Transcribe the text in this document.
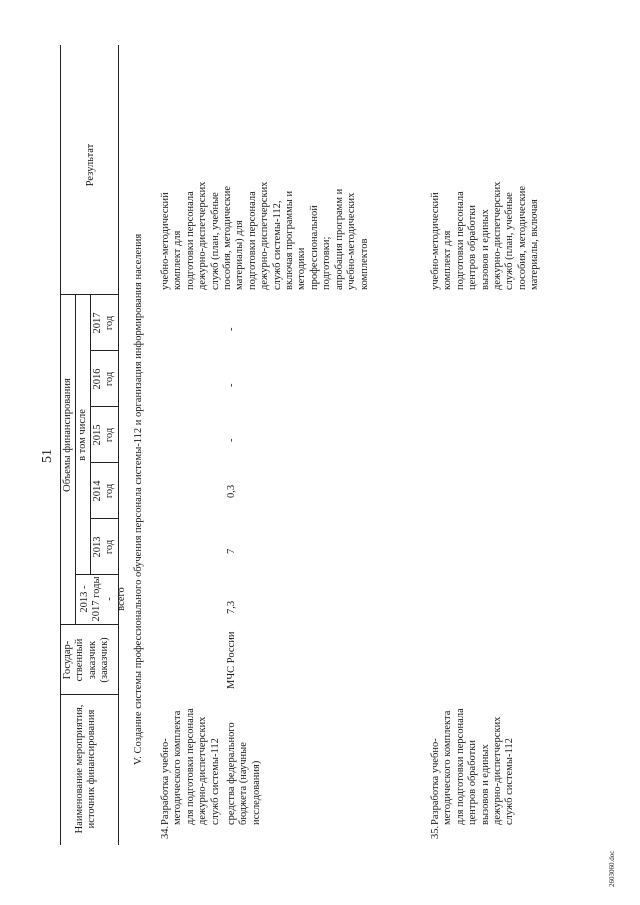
51
Наименование мероприятия,
источник финансирования
Государ-
ственный
заказчик
(заказчик)
Объемы финансирования
2013 -
2017 годы -
всего
в том числе
2013
год
2014
год
2015
год
2016
год
2017
год
Результат
V. Создание системы профессионального обучения персонала системы-112 и организация информирования населения
34.
Разработка учебно-
методического комплекта
для подготовки персонала
дежурно-диспетчерских
служб системы-112
учебно-методический
комплект для
подготовки персонала
дежурно-диспетчерских
служб (план, учебные
пособия, методические
материалы) для
подготовки персонала
дежурно-диспетчерских
служб системы-112,
включая программы и
методики
профессиональной
подготовки;
апробация программ и
учебно-методических
комплектов
средства федерального
бюджета (научные
исследования)
МЧС России
7,3
7
0,3
-
-
-
35.
Разработка учебно-
методического комплекта
для подготовки персонала
центров обработки
вызовов и единых
дежурно-диспетчерских
служб системы-112
учебно-методический
комплект для
подготовки персонала
центров обработки
вызовов и единых
дежурно-диспетчерских
служб (план, учебные
пособия, методические
материалы, включая
2603060.doc
